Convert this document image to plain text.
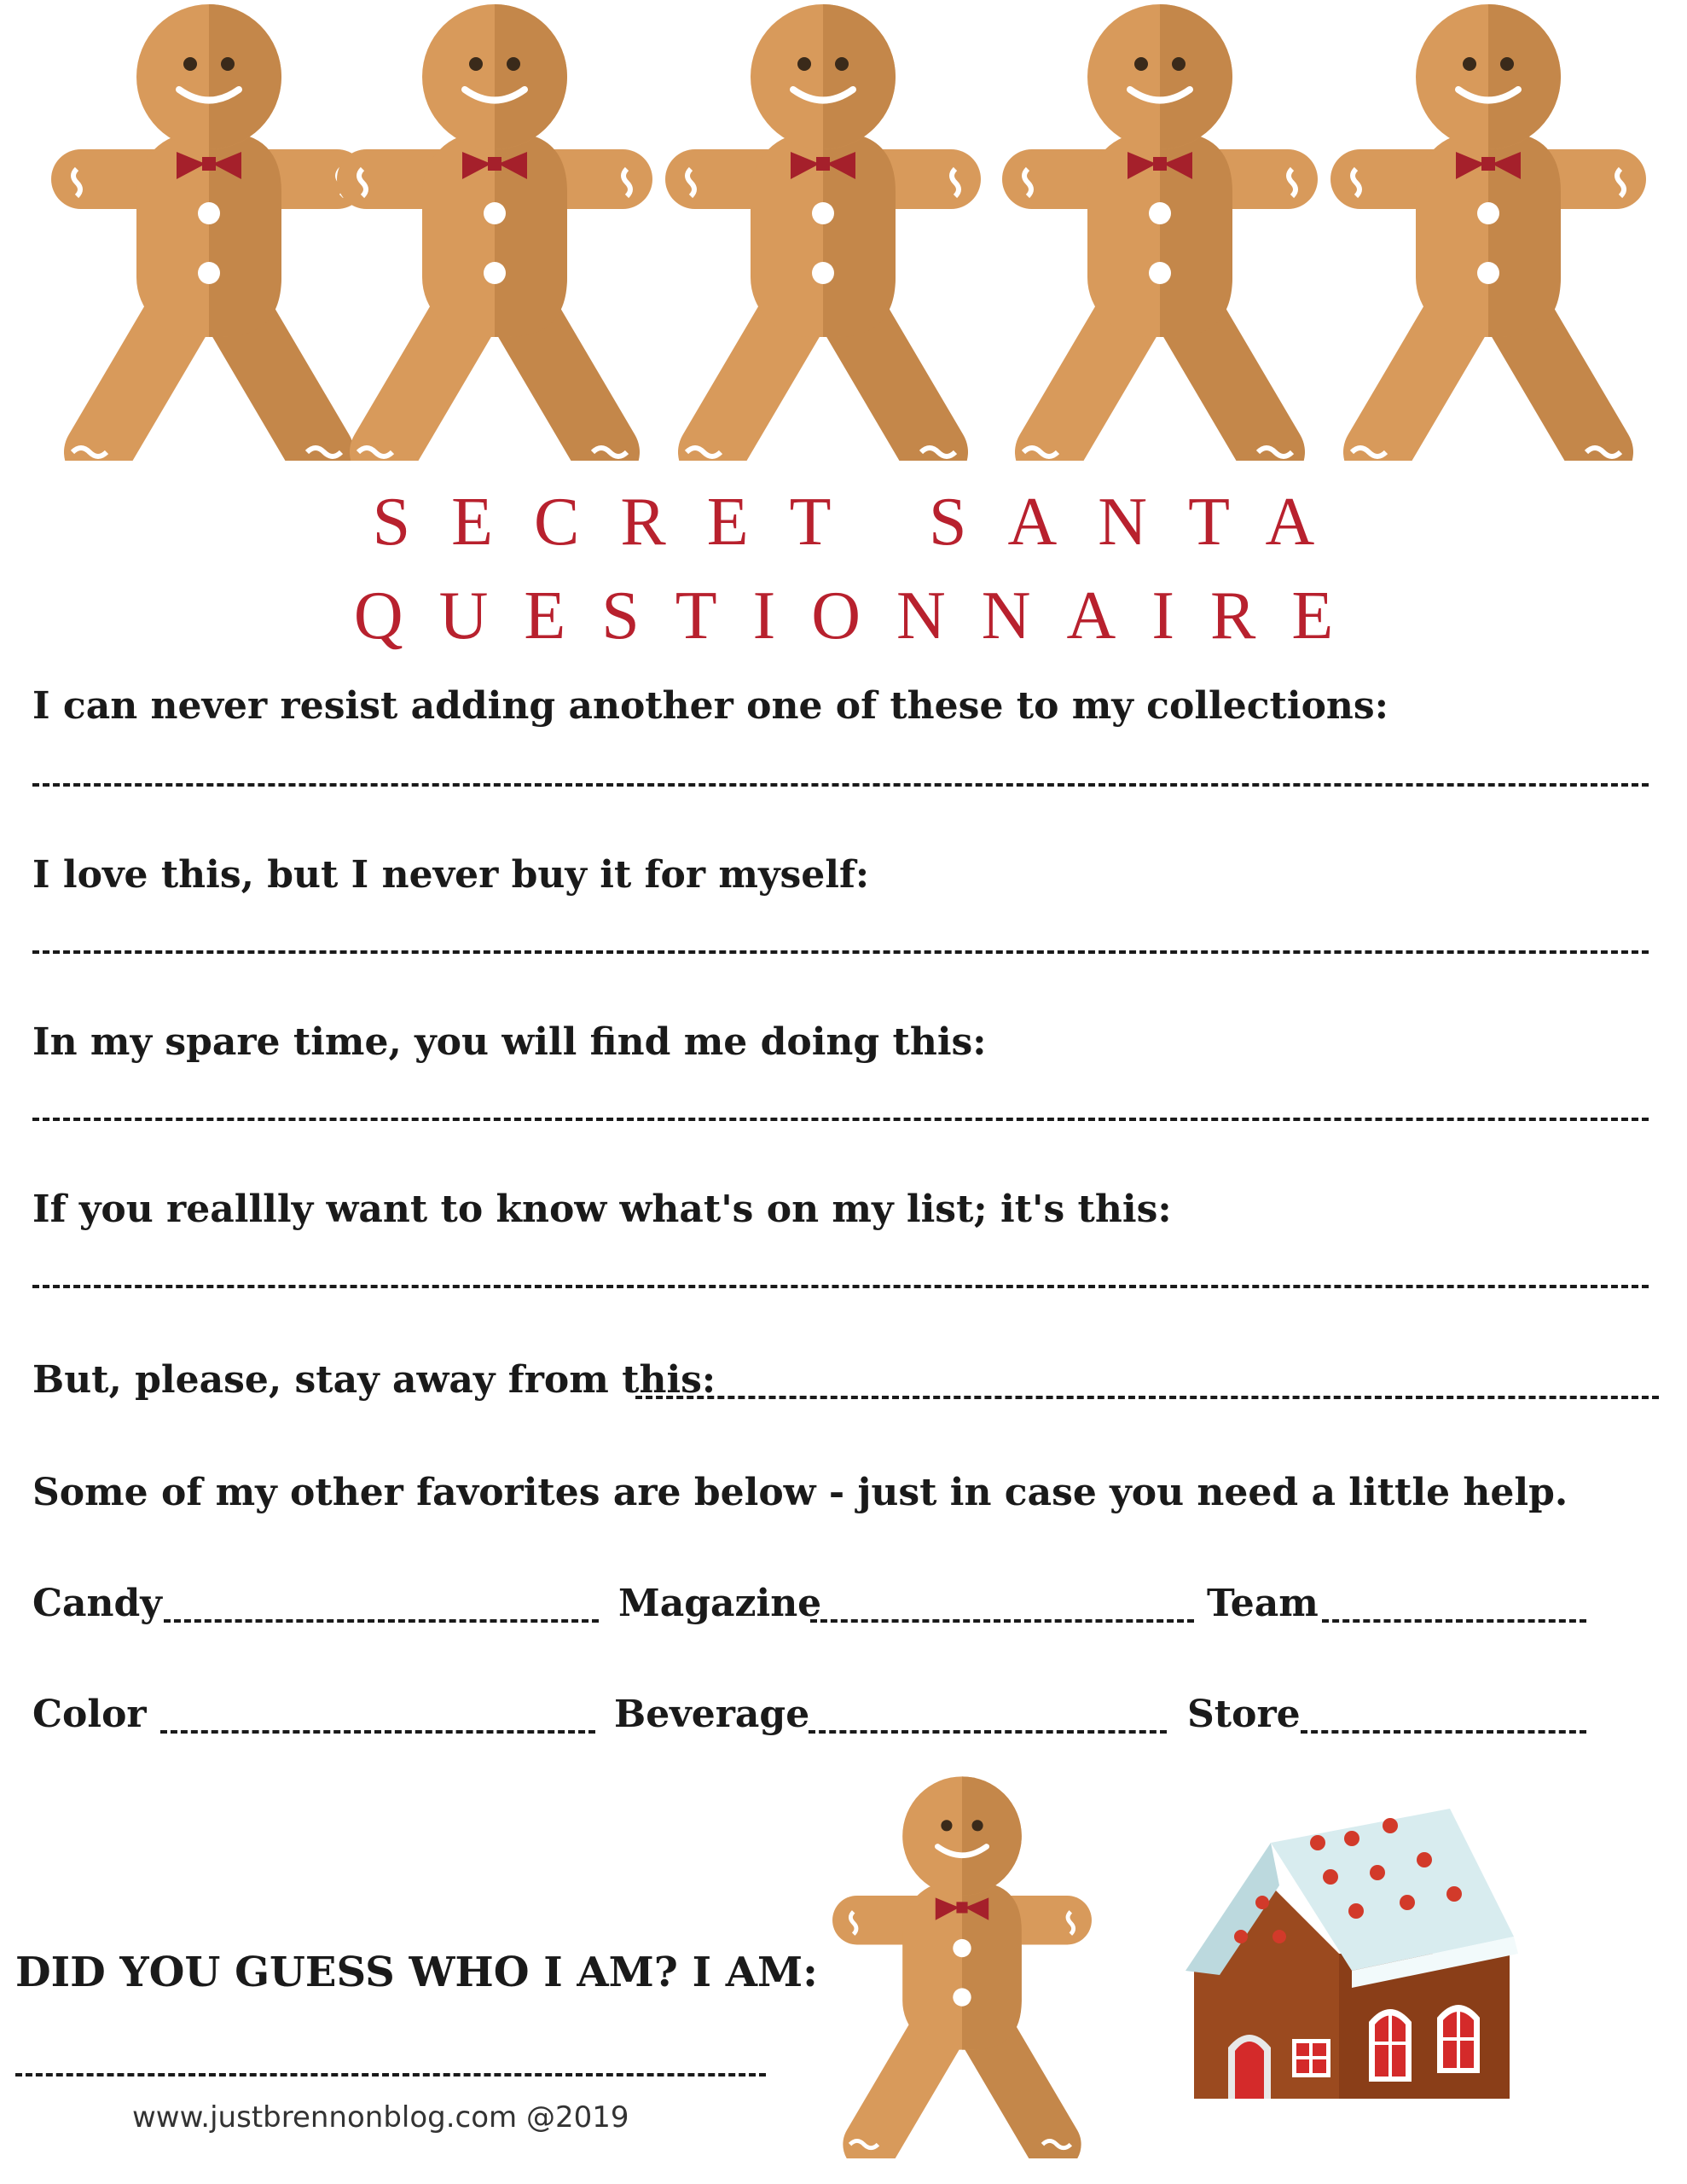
SECRET SANTA
QUESTIONNAIRE
I can never resist adding another one of these to my collections:
I love this, but I never buy it for myself:
In my spare time, you will find me doing this:
If you realllly want to know what's on my list; it's this:
But, please, stay away from this:
Some of my other favorites are below - just in case you need a little help.
Candy	Magazine	Team
Color	Beverage	Store
DID YOU GUESS WHO I AM? I AM:
www.justbrennonblog.com @2019
